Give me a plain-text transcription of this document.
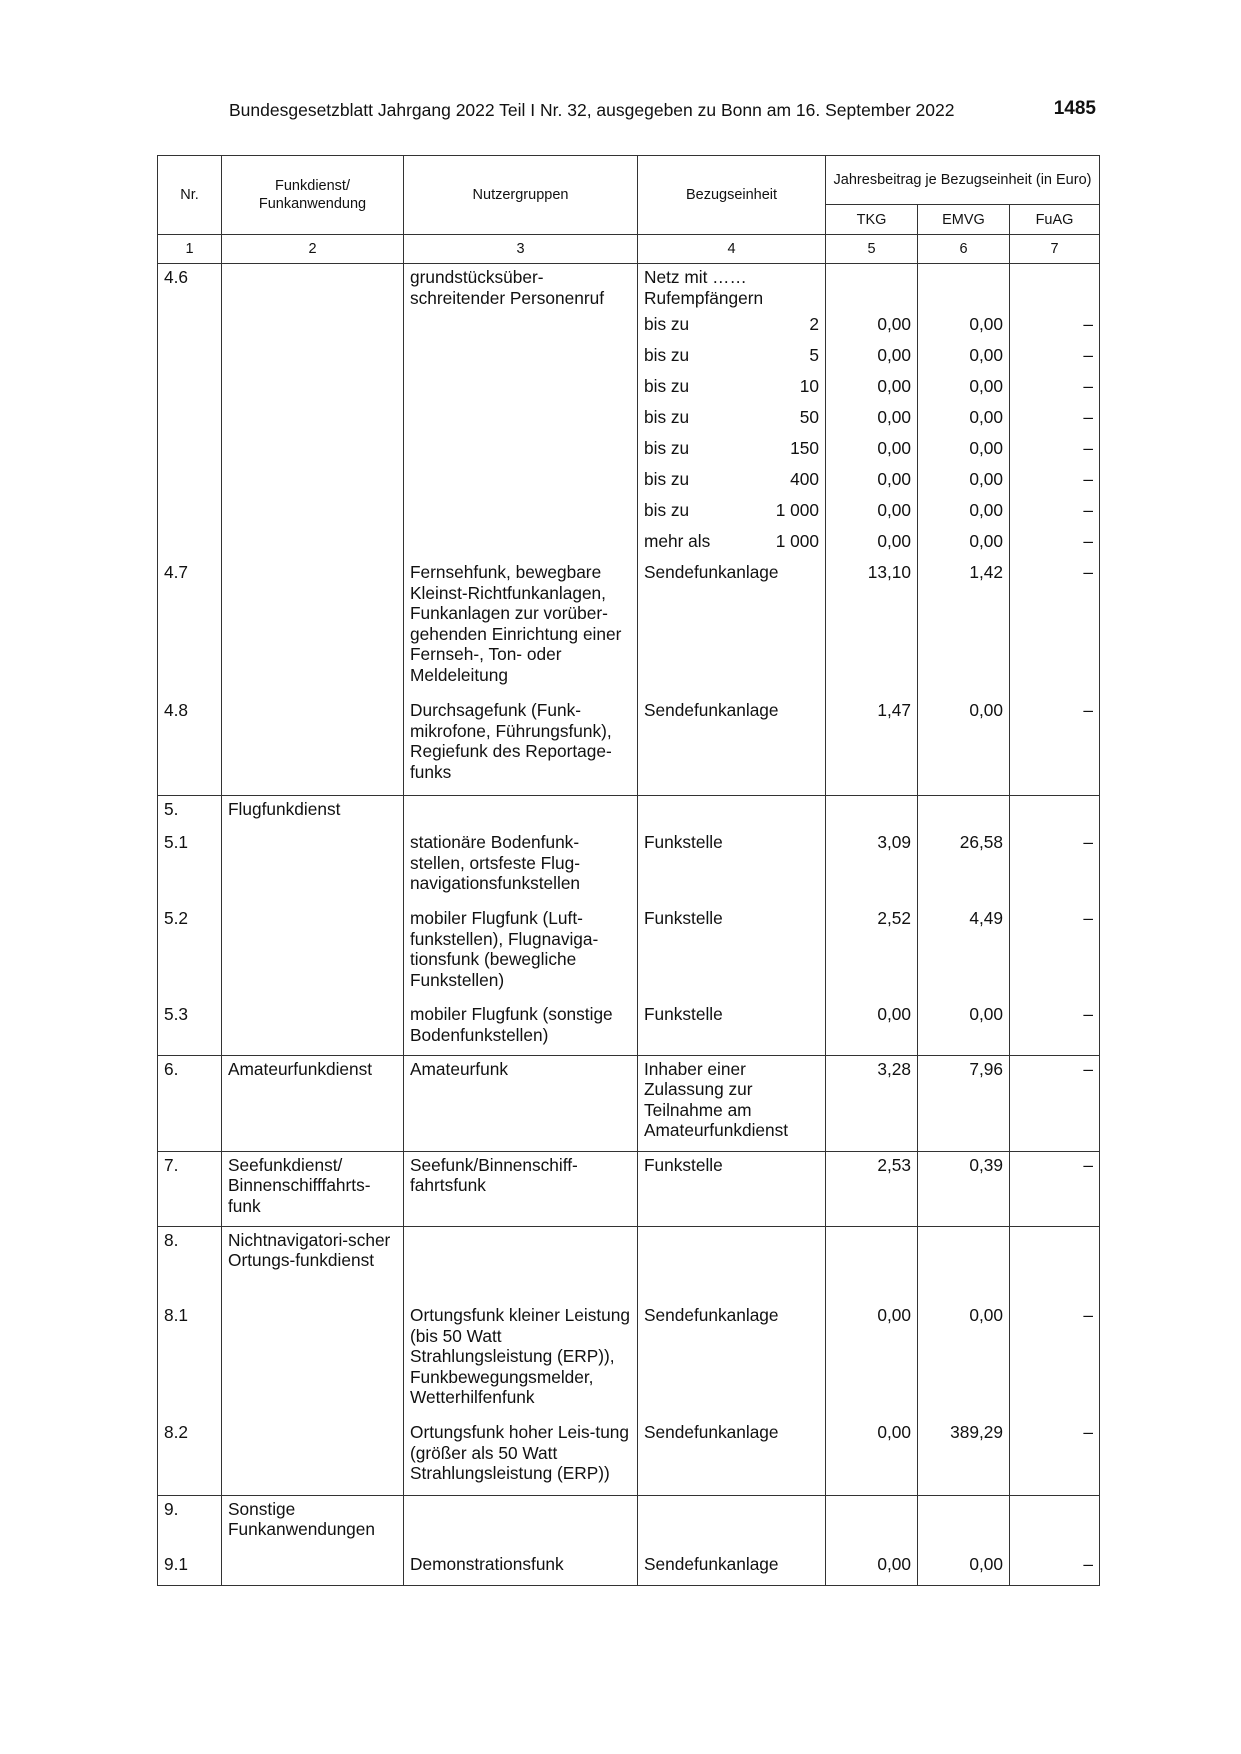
Bundesgesetzblatt Jahrgang 2022 Teil I Nr. 32, ausgegeben zu Bonn am 16. September 2022	1485
Nr.	Funkdienst/ Funkanwendung	Nutzergruppen	Bezugseinheit	Jahresbeitrag je Bezugseinheit (in Euro)		
				TKG	EMVG	FuAG
1	2	3	4	5	6	7
4.6		grundstücksüber-schreitender Personenruf	Netz mit …… Rufempfängern			

			bis zu 2	0,00	0,00	–

			bis zu 5	0,00	0,00	–

			bis zu 10	0,00	0,00	–

			bis zu 50	0,00	0,00	–

			bis zu 150	0,00	0,00	–

			bis zu 400	0,00	0,00	–

			bis zu 1 000	0,00	0,00	–

			mehr als 1 000	0,00	0,00	–
4.7		Fernsehfunk, bewegbare Kleinst-Richtfunkanlagen, Funkanlagen zur vorüber-gehenden Einrichtung einer Fernseh-, Ton- oder Meldeleitung	Sendefunkanlage	13,10	1,42	–
4.8		Durchsagefunk (Funk-mikrofone, Führungsfunk), Regiefunk des Reportage-funks	Sendefunkanlage	1,47	0,00	–
5.	Flugfunkdienst					
5.1		stationäre Bodenfunk-stellen, ortsfeste Flug-navigationsfunkstellen	Funkstelle	3,09	26,58	–
5.2		mobiler Flugfunk (Luft-funkstellen), Flugnaviga-tionsfunk (bewegliche Funkstellen)	Funkstelle	2,52	4,49	–
5.3		mobiler Flugfunk (sonstige Bodenfunkstellen)	Funkstelle	0,00	0,00	–
6.	Amateurfunkdienst	Amateurfunk	Inhaber einer Zulassung zur Teilnahme am Amateurfunkdienst	3,28	7,96	–
7.	Seefunkdienst/ Binnenschifffahrts-funk	Seefunk/Binnenschiff-fahrtsfunk	Funkstelle	2,53	0,39	–
8.	Nichtnavigatori-scher Ortungs-funkdienst					
8.1		Ortungsfunk kleiner Leistung (bis 50 Watt Strahlungsleistung (ERP)), Funkbewegungsmelder, Wetterhilfenfunk	Sendefunkanlage	0,00	0,00	–
8.2		Ortungsfunk hoher Leis-tung (größer als 50 Watt Strahlungsleistung (ERP))	Sendefunkanlage	0,00	389,29	–
9.	Sonstige Funkanwendungen					
9.1		Demonstrationsfunk	Sendefunkanlage	0,00	0,00	–
